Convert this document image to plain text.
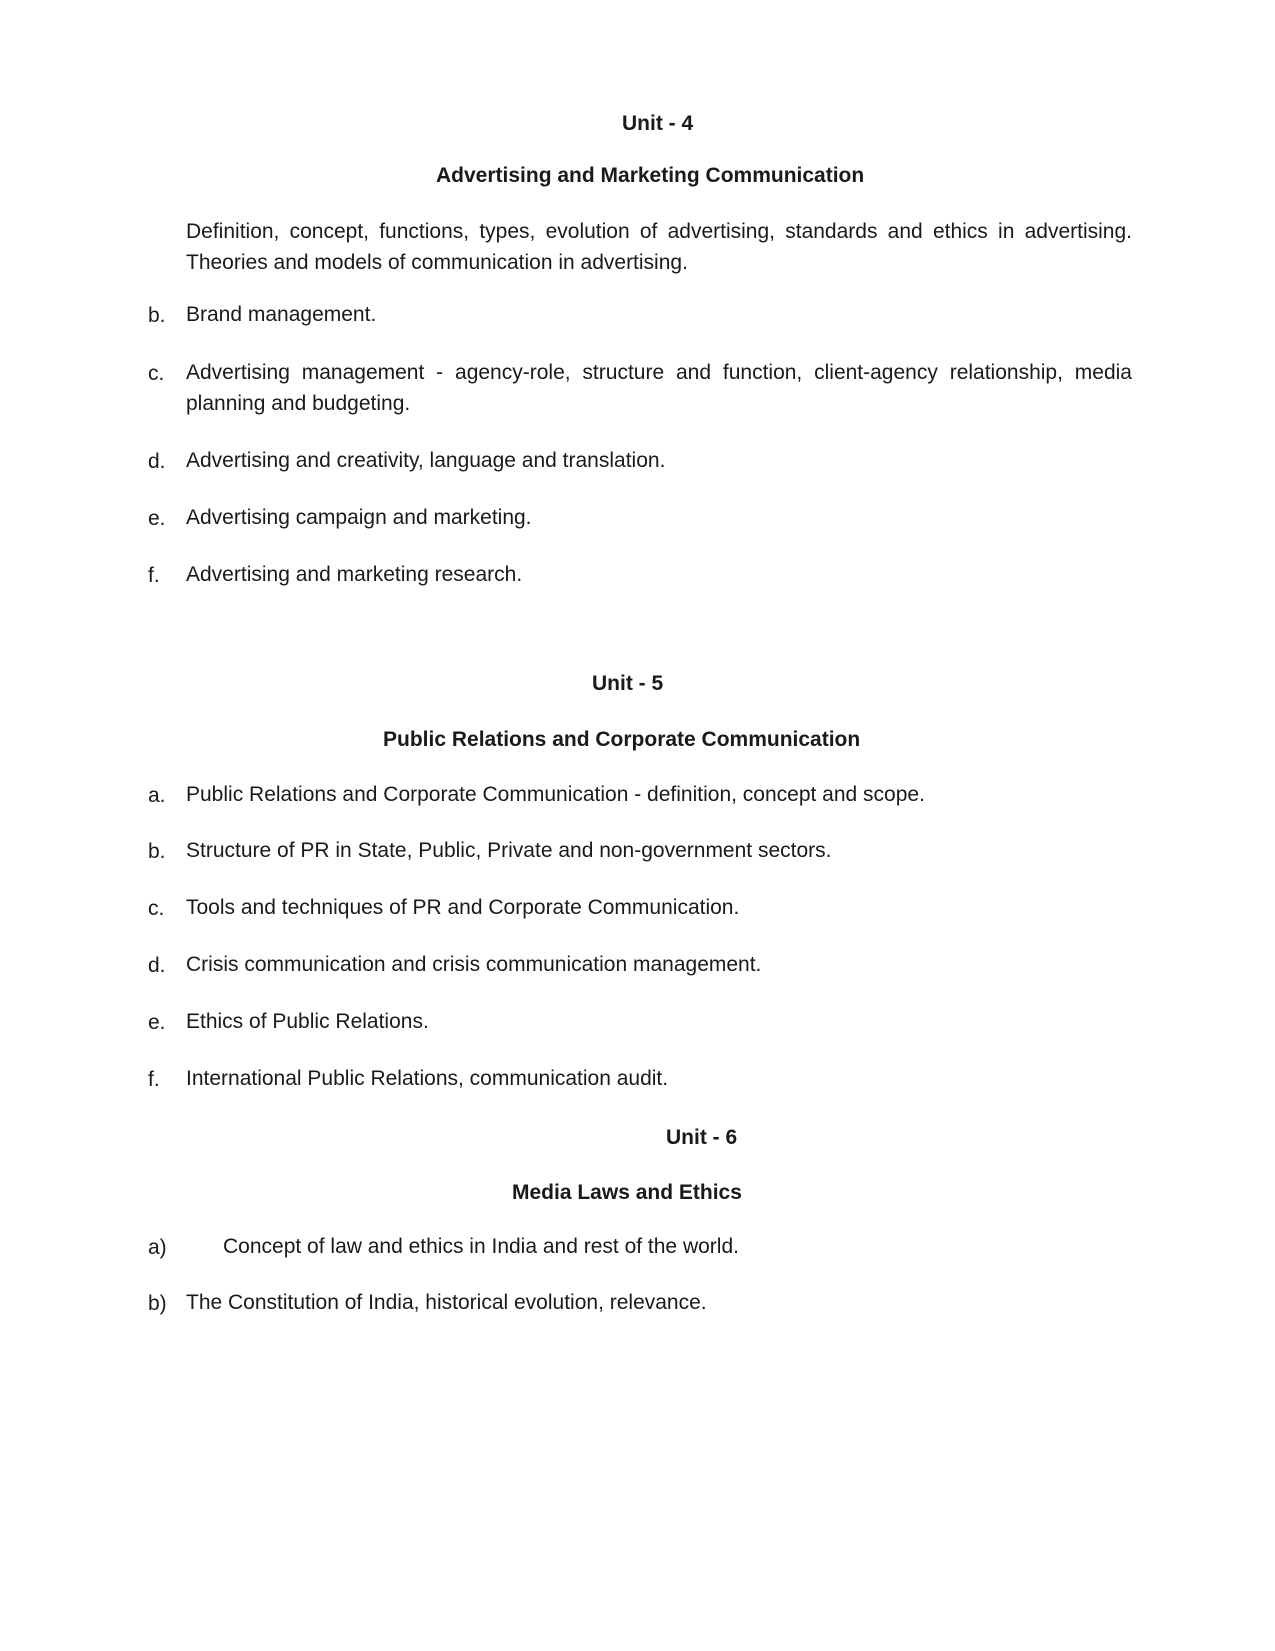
Unit - 4
Advertising and Marketing Communication
Definition, concept, functions, types, evolution of advertising, standards and ethics in advertising. Theories and models of communication in advertising.
b. Brand management.
c. Advertising management - agency-role, structure and function, client-agency relationship, media planning and budgeting.
d. Advertising and creativity, language and translation.
e. Advertising campaign and marketing.
f. Advertising and marketing research.
Unit - 5
Public Relations and Corporate Communication
a. Public Relations and Corporate Communication - definition, concept and scope.
b. Structure of PR in State, Public, Private and non-government sectors.
c. Tools and techniques of PR and Corporate Communication.
d. Crisis communication and crisis communication management.
e. Ethics of Public Relations.
f. International Public Relations, communication audit.
Unit - 6
Media Laws and Ethics
a)	Concept of law and ethics in India and rest of the world.
b) The Constitution of India, historical evolution, relevance.
